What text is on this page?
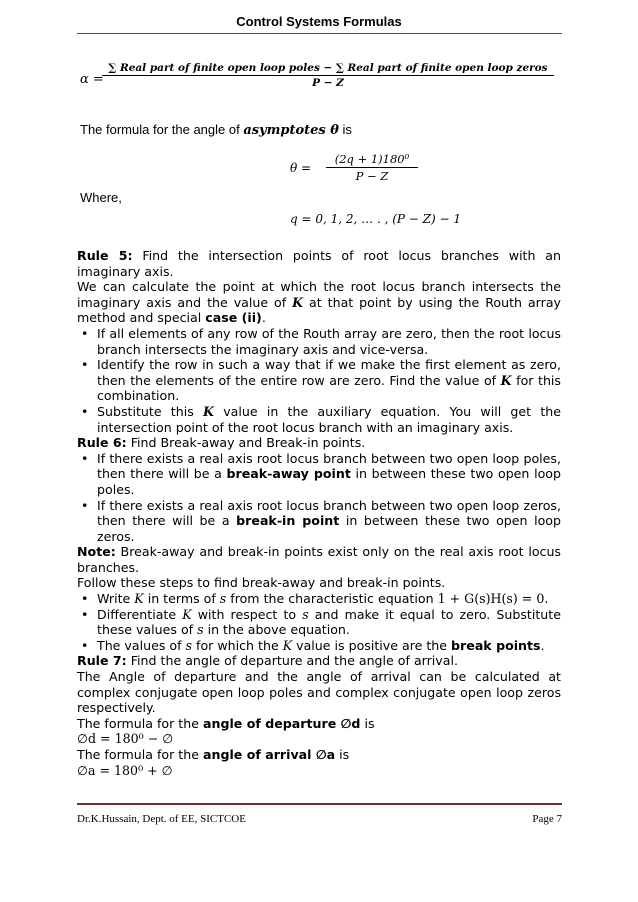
Control Systems Formulas
α =
∑ Real part of finite open loop poles − ∑ Real part of finite open loop zeros
P − Z
The formula for the angle of asymptotes θ is
$\theta = \frac{\text{(2q + 1)180⁰}}{P - Z}$
Where,
q = 0, 1, 2, … . , (P − Z) − 1

Rule 5: Find the intersection points of root locus branches with an imaginary axis.

We can calculate the point at which the root locus branch intersects the imaginary axis and the value of K at that point by using the Routh array method and special case (ii).

• If all elements of any row of the Routh array are zero, then the root locus branch intersects the imaginary axis and vice-versa.
• Identify the row in such a way that if we make the first element as zero, then the elements of the entire row are zero. Find the value of K for this combination.
• Substitute this K value in the auxiliary equation. You will get the intersection point of the root locus branch with an imaginary axis.

Rule 6: Find Break-away and Break-in points.

• If there exists a real axis root locus branch between two open loop poles, then there will be a break-away point in between these two open loop poles.
• If there exists a real axis root locus branch between two open loop zeros, then there will be a break-in point in between these two open loop zeros.

Note: Break-away and break-in points exist only on the real axis root locus branches.

Follow these steps to find break-away and break-in points.

• Write K in terms of s from the characteristic equation 1 + G(s)H(s) = 0.
• Differentiate K with respect to s and make it equal to zero. Substitute these values of s in the above equation.
• The values of s for which the K value is positive are the break points.

Rule 7: Find the angle of departure and the angle of arrival.

The Angle of departure and the angle of arrival can be calculated at complex conjugate open loop poles and complex conjugate open loop zeros respectively.

The formula for the angle of departure ∅d is

∅d = 180⁰ − ∅

The formula for the angle of arrival ∅a is

∅a = 180⁰ + ∅

Dr.K.Hussain, Dept. of EE, SICTCOE	Page 7
